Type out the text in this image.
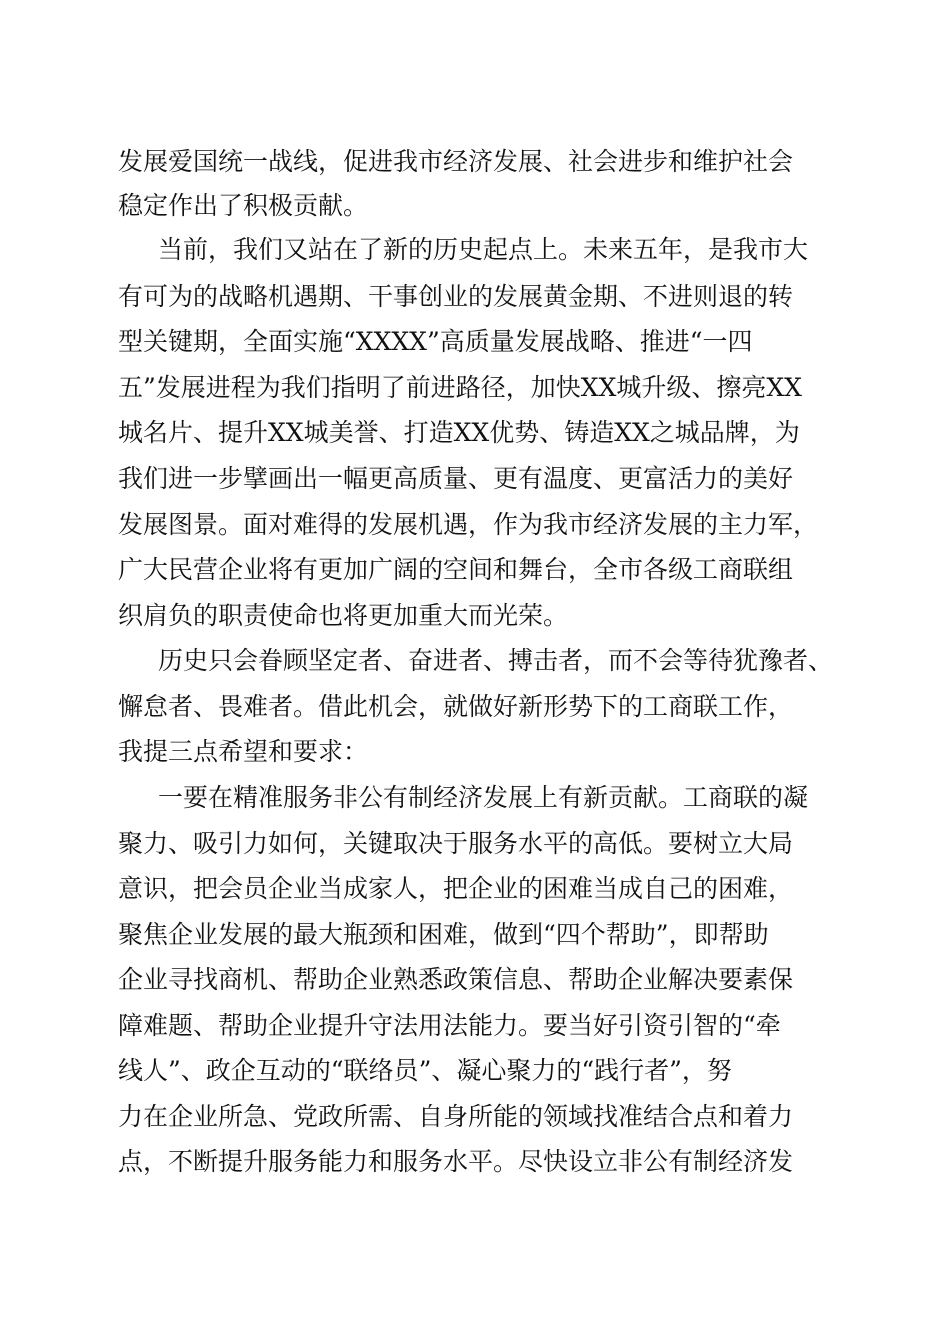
发展爱国统一战线，促进我市经济发展、社会进步和维护社会
稳定作出了积极贡献。
当前，我们又站在了新的历史起点上。未来五年，是我市大
有可为的战略机遇期、干事创业的发展黄金期、不进则退的转
型关键期，全面实施“XXXX”高质量发展战略、推进“一四
五”发展进程为我们指明了前进路径，加快XX城升级、擦亮XX
城名片、提升XX城美誉、打造XX优势、铸造XX之城品牌，为
我们进一步擘画出一幅更高质量、更有温度、更富活力的美好
发展图景。面对难得的发展机遇，作为我市经济发展的主力军，
广大民营企业将有更加广阔的空间和舞台，全市各级工商联组
织肩负的职责使命也将更加重大而光荣。
历史只会眷顾坚定者、奋进者、搏击者，而不会等待犹豫者、
懈怠者、畏难者。借此机会，就做好新形势下的工商联工作，
我提三点希望和要求：
一要在精准服务非公有制经济发展上有新贡献。工商联的凝
聚力、吸引力如何，关键取决于服务水平的高低。要树立大局
意识，把会员企业当成家人，把企业的困难当成自己的困难，
聚焦企业发展的最大瓶颈和困难，做到“四个帮助”，即帮助
企业寻找商机、帮助企业熟悉政策信息、帮助企业解决要素保
障难题、帮助企业提升守法用法能力。要当好引资引智的“牵
线人”、政企互动的“联络员”、凝心聚力的“践行者”，努
力在企业所急、党政所需、自身所能的领域找准结合点和着力
点，不断提升服务能力和服务水平。尽快设立非公有制经济发
